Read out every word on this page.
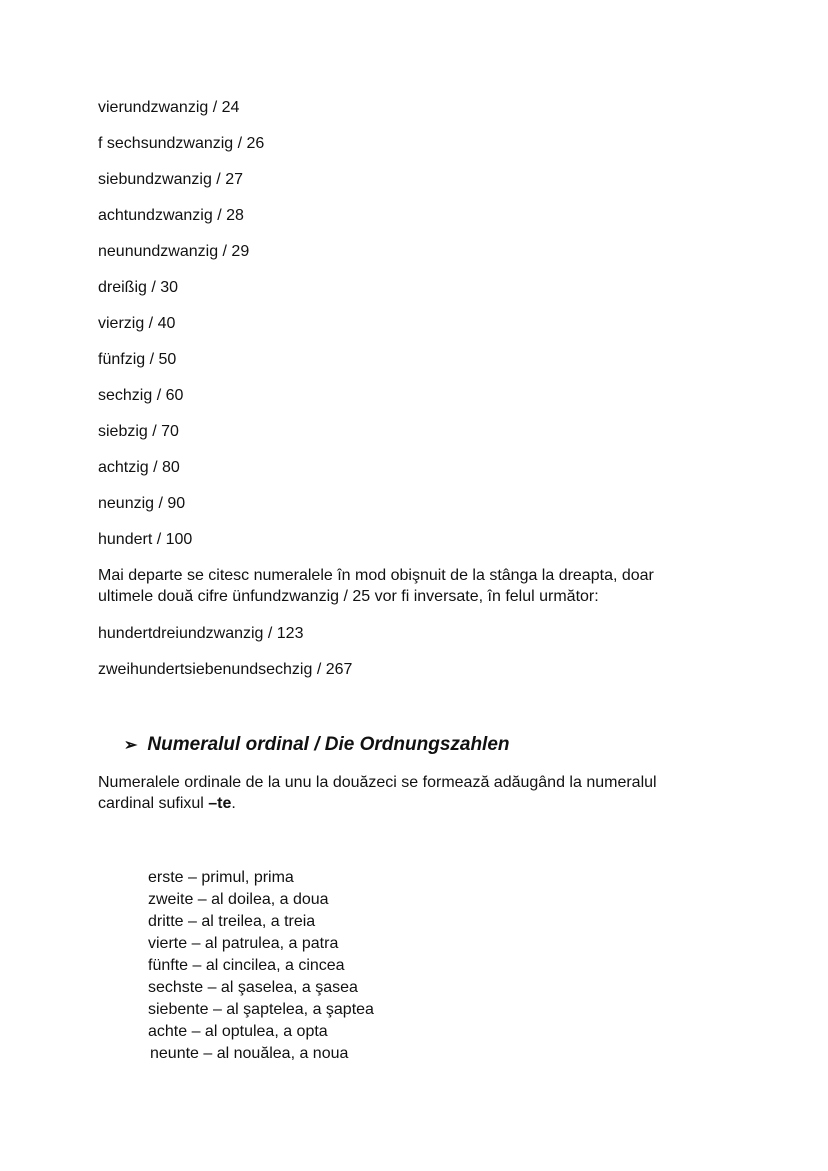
vierundzwanzig / 24
f sechsundzwanzig / 26
siebundzwanzig / 27
achtundzwanzig / 28
neunundzwanzig / 29
dreißig / 30
vierzig / 40
fünfzig / 50
sechzig / 60
siebzig / 70
achtzig / 80
neunzig / 90
hundert / 100
Mai departe se citesc numeralele în mod obişnuit de la stânga la dreapta, doar
ultimele două cifre ünfundzwanzig / 25 vor fi inversate, în felul următor:
hundertdreiundzwanzig / 123
zweihundertsiebenundsechzig / 267
➢ Numeralul ordinal / Die Ordnungszahlen
Numeralele ordinale de la unu la douăzeci se formează adăugând la numeralul
cardinal sufixul –te.
erste – primul, prima
zweite – al doilea, a doua
dritte – al treilea, a treia
vierte – al patrulea, a patra
fünfte – al cincilea, a cincea
sechste – al şaselea, a şasea
siebente – al şaptelea, a şaptea
achte – al optulea, a opta
neunte – al nouălea, a noua
